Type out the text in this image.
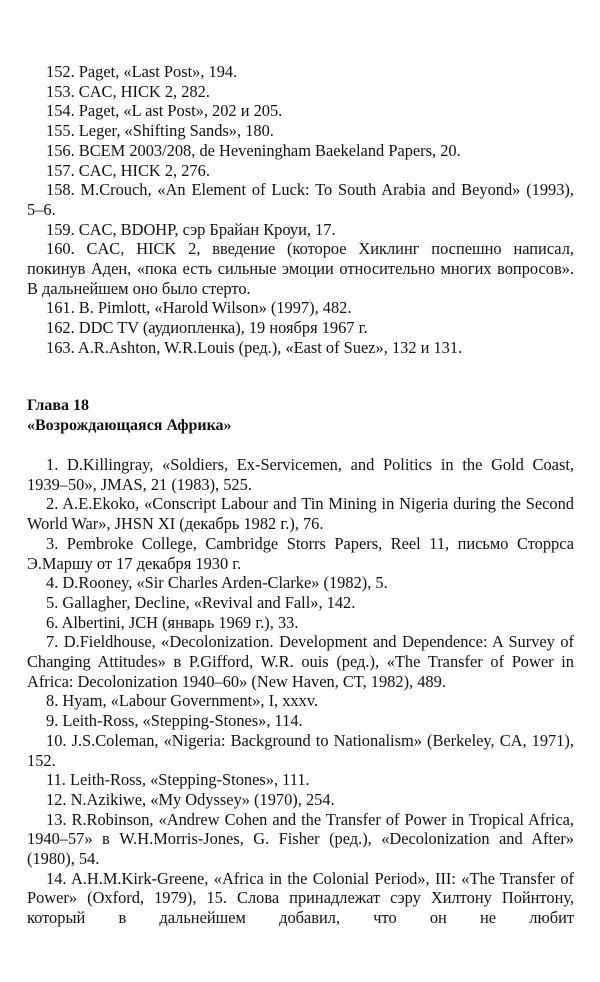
152. Paget, «Last Post», 194.

153. CAC, HICK 2, 282.

154. Paget, «L ast Post», 202 и 205.

155. Leger, «Shifting Sands», 180.

156. BCEM 2003/208, de Heveningham Baekeland Papers, 20.

157. CAC, HICK 2, 276.

158. M.Crouch, «An Element of Luck: To South Arabia and Beyond» (1993), 5–6.

159. CAC, BDOHP, сэр Брайан Кроуи, 17.

160. CAC, HICK 2, введение (которое Хиклинг поспешно написал, покинув Аден, «пока есть сильные эмоции относительно многих вопросов». В дальнейшем оно было стерто.

161. B. Pimlott, «Harold Wilson» (1997), 482.

162. DDC TV (аудиопленка), 19 ноября 1967 г.

163. A.R.Ashton, W.R.Louis (ред.), «East of Suez», 132 и 131.

Глава 18
«Возрождающаяся Африка»

1. D.Killingray, «Soldiers, Ex-Servicemen, and Politics in the Gold Coast, 1939–50», JMAS, 21 (1983), 525.

2. A.E.Ekoko, «Conscript Labour and Tin Mining in Nigeria during the Second World War», JHSN XI (декабрь 1982 г.), 76.

3. Pembroke College, Cambridge Storrs Papers, Reel 11, письмо Сторрса Э.Маршу от 17 декабря 1930 г.

4. D.Rooney, «Sir Charles Arden-Clarke» (1982), 5.

5. Gallagher, Decline, «Revival and Fall», 142.

6. Albertini, JCH (январь 1969 г.), 33.

7. D.Fieldhouse, «Decolonization. Development and Dependence: A Survey of Changing Attitudes» в P.Gifford, W.R. ouis (ред.), «The Transfer of Power in Africa: Decolonization 1940–60» (New Haven, CT, 1982), 489.

8. Hyam, «Labour Government», I, xxxv.

9. Leith-Ross, «Stepping-Stones», 114.

10. J.S.Coleman, «Nigeria: Background to Nationalism» (Berkeley, CA, 1971), 152.

11. Leith-Ross, «Stepping-Stones», 111.

12. N.Azikiwe, «My Odyssey» (1970), 254.

13. R.Robinson, «Andrew Cohen and the Transfer of Power in Tropical Africa, 1940–57» в W.H.Morris-Jones, G. Fisher (ред.), «Decolonization and After» (1980), 54.

14. A.H.M.Kirk-Greene, «Africa in the Colonial Period», III: «The Transfer of Power» (Oxford, 1979), 15. Слова принадлежат сэру Хилтону Пойнтону, который в дальнейшем добавил, что он не любит
